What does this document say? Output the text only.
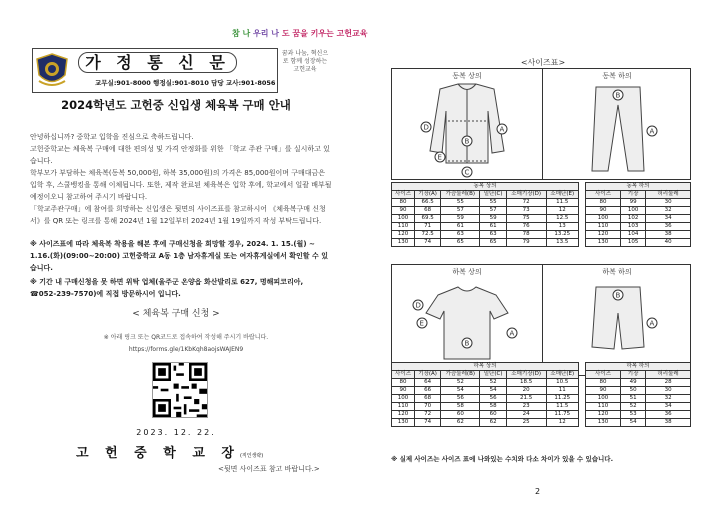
참 나 우리 나 도 꿈을 키우는 고헌교육
가 정 통 신 문
교무실:901-8000 행정실:901-8010 담당 교사:901-8056
꿈과 나눔, 혁신으로 함께 성장하는 고헌교육
2024학년도 고헌중 신입생 체육복 구매 안내

안녕하십니까? 중학교 입학을 진심으로 축하드립니다.

고헌중학교는 체육복 구매에 대한 편의성 및 가격 안정화를 위한 「학교 주관 구매」를 실시하고 있습니다.

학부모가 부담하는 체육복(동복 50,000원, 하복 35,000원)의 가격은 85,000원이며 구매대금은 입학 후, 스쿨뱅킹을 통해 이체됩니다. 또한, 제작 완료된 체육복은 입학 후에, 학교에서 일괄 배부될 예정이오니 참고하여 주시기 바랍니다.

「학교주관구매」에 참여를 희망하는 신입생은 뒷면의 사이즈표를 참고하시어 《체육복구매 신청서》를 QR 또는 링크를 통해 2024년 1월 12일부터 2024년 1월 19일까지 작성 부탁드립니다.

※ 사이즈표에 따라 체육복 착용을 해본 후에 구매신청을 희망할 경우, 2024. 1. 15.(월) ~ 1.16.(화)(09:00~20:00) 고헌중학교 A동 1층 남자휴게실 또는 여자휴게실에서 확인할 수 있습니다.
※ 기간 내 구매신청을 못 하면 위탁 업체(울주군 온양읍 화산발리로 627, 명해피코리아, ☎052-239-7570)에 직접 방문하시어 입니다.
< 체육복 구매 신청 >
※ 아래 링크 또는 QR코드로 접속하여 작성해 주시기 바랍니다.
https://forms.gle/1KbKqh8aojsWAJEN9
2023. 12. 22.
고 헌 중 학 교 장(직인생략)
<뒷면 사이즈표 참고 바랍니다.>
<사이즈표>
동복 상의	동복 하의
D	A
B
E
C
A
B
동복 상의					
사이즈	기장(A)	가슴둘레(B)	밑단(C)	소매기장(D)	소매단(E)
80	66.5	55	55	72	11.5
90	68	57	57	73	12
100	69.5	59	59	75	12.5
110	71	61	61	76	13
120	72.5	63	63	78	13.25
130	74	65	65	79	13.5
동복 하의		
사이즈	기장	허리둘레
80	99	30
90	100	32
100	102	34
110	103	36
120	104	38
130	105	40
하복 상의	하복 하의
D
E
A
B
B
A
하복 상의					
사이즈	기장(A)	가슴둘레(B)	밑단(C)	소매기장(D)	소매단(E)
80	64	52	52	18.5	10.5
90	66	54	54	20	11
100	68	56	56	21.5	11.25
110	70	58	58	23	11.5
120	72	60	60	24	11.75
130	74	62	62	25	12
하복 하의		
사이즈	기장	허리둘레
80	49	28
90	50	30
100	51	32
110	52	34
120	53	36
130	54	38
※ 실제 사이즈는 사이즈 표에 나와있는 수치와 다소 차이가 있을 수 있습니다.
2
